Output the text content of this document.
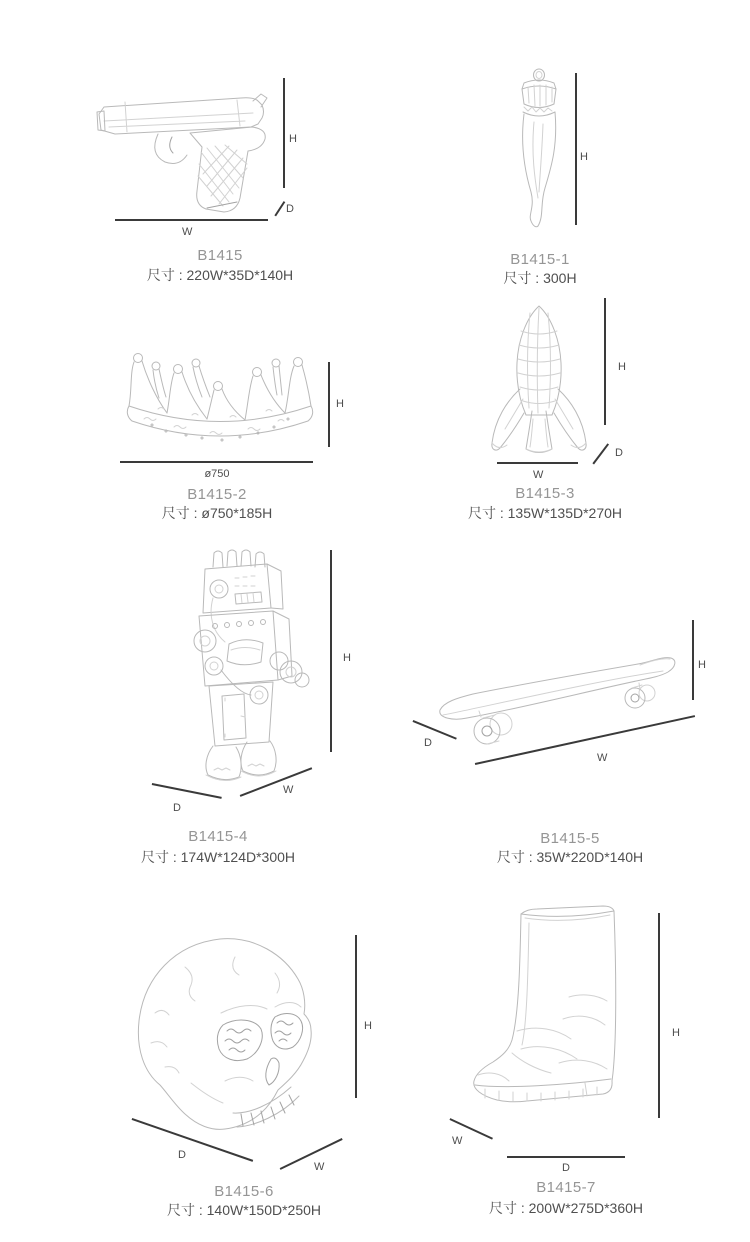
H
D
W
B1415
尺寸 : 220W*35D*140H
H
B1415-1
尺寸 : 300H
H
ø750
B1415-2
尺寸 : ø750*185H
H
W
D
B1415-3
尺寸 : 135W*135D*270H
H
W
D
B1415-4
尺寸 : 174W*124D*300H
H
D
W
B1415-5
尺寸 : 35W*220D*140H
H
D
W
B1415-6
尺寸 : 140W*150D*250H
H
W
D
B1415-7
尺寸 : 200W*275D*360H
